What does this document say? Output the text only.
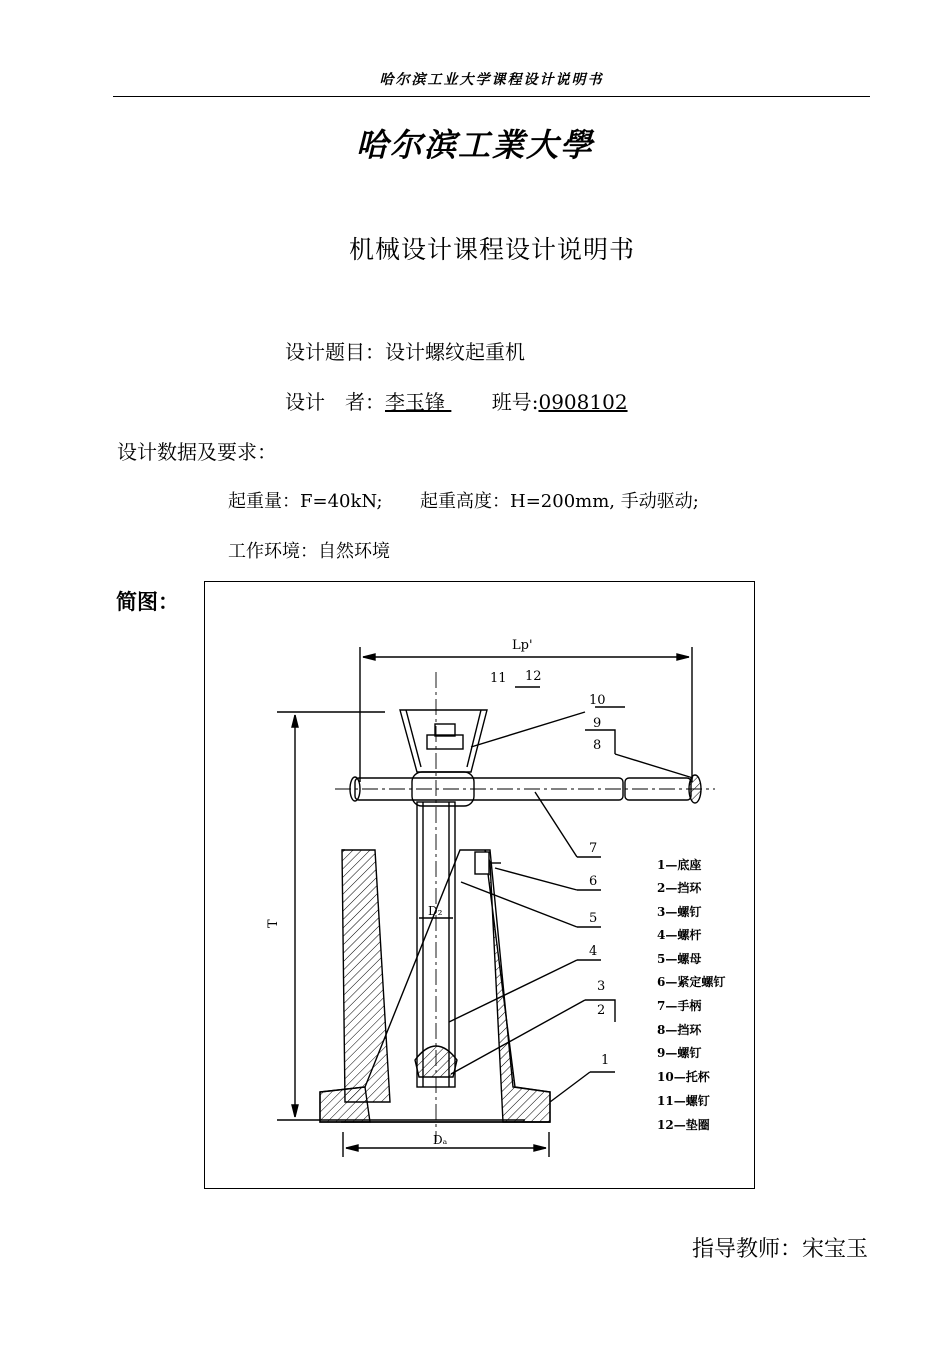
哈尔滨工业大学课程设计说明书
哈尔滨工業大學
机械设计课程设计说明书
设计题目：设计螺纹起重机
设计　者：李玉锋  班号:0908102
设计数据及要求：
起重量：F=40kN; 起重高度：H=200mm, 手动驱动;
工作环境：自然环境
简图：
Lp'
T
D₂
Dₐ
11 12
10
9
8
7
6
5
4
3
2
1
1—底座
2—挡环
3—螺钉
4—螺杆
5—螺母
6—紧定螺钉
7—手柄
8—挡环
9—螺钉
10—托杯
11—螺钉
12—垫圈
指导教师：宋宝玉
